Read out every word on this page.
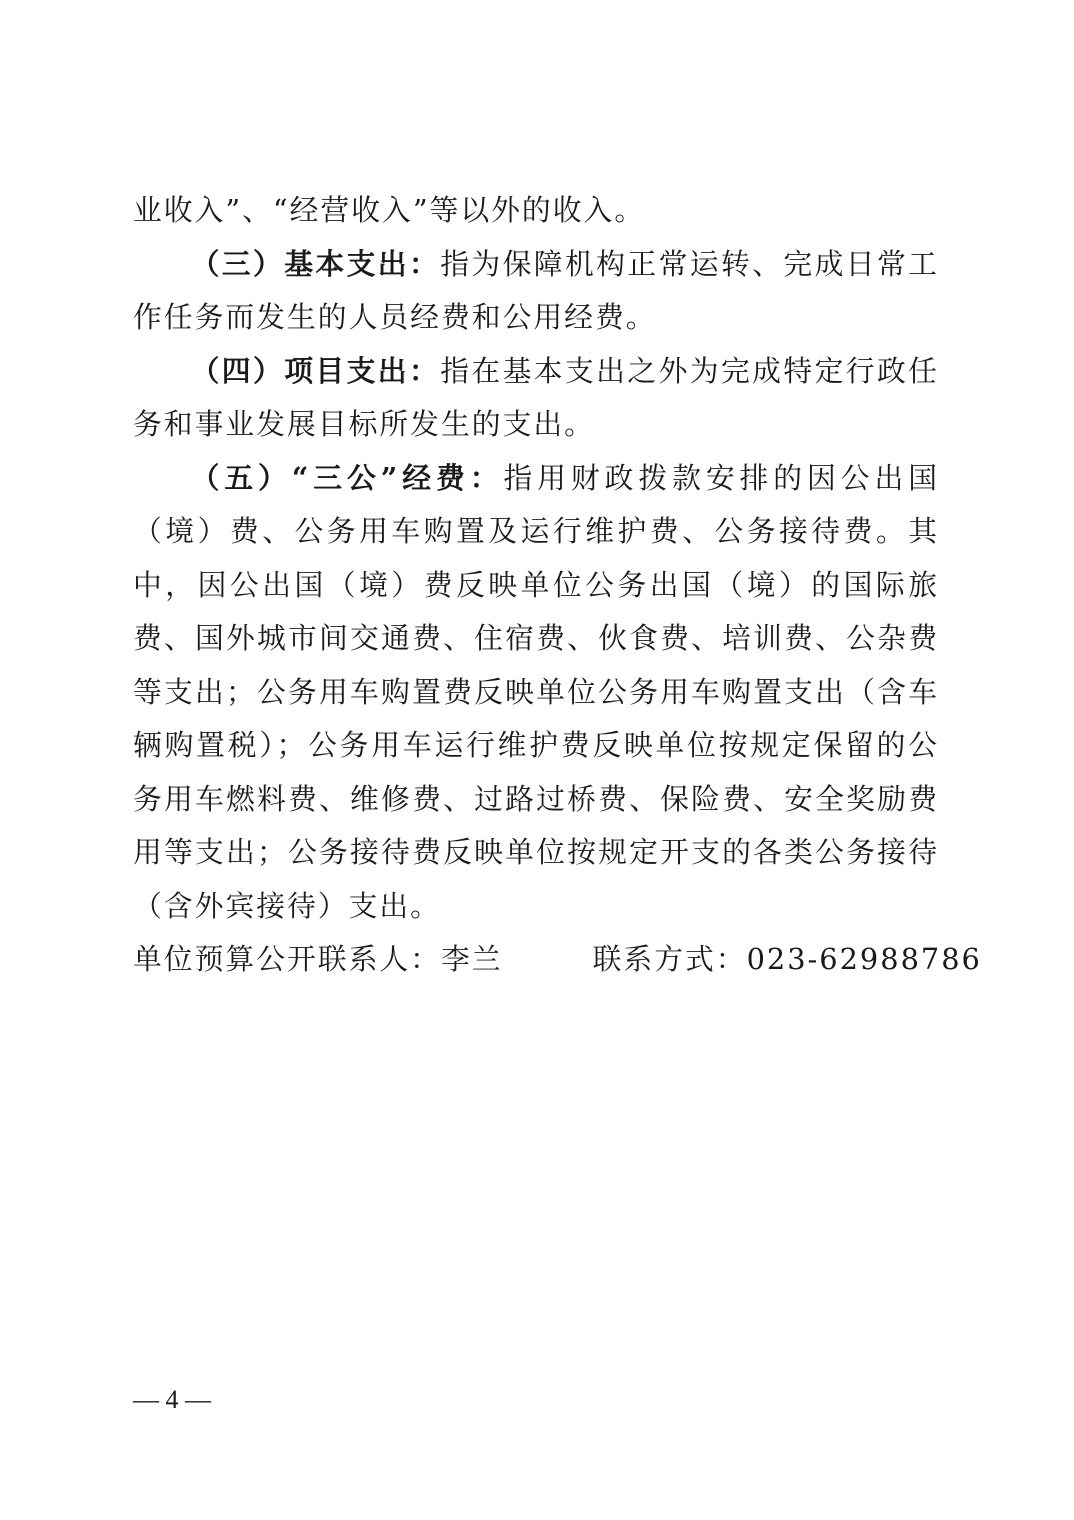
业收入”、“经营收入”等以外的收入。

（三）基本支出：指为保障机构正常运转、完成日常工作任务而发生的人员经费和公用经费。

（四）项目支出：指在基本支出之外为完成特定行政任务和事业发展目标所发生的支出。

（五）“三公”经费：指用财政拨款安排的因公出国（境）费、公务用车购置及运行维护费、公务接待费。其中，因公出国（境）费反映单位公务出国（境）的国际旅费、国外城市间交通费、住宿费、伙食费、培训费、公杂费等支出；公务用车购置费反映单位公务用车购置支出（含车辆购置税）；公务用车运行维护费反映单位按规定保留的公务用车燃料费、维修费、过路过桥费、保险费、安全奖励费用等支出；公务接待费反映单位按规定开支的各类公务接待（含外宾接待）支出。

单位预算公开联系人：李兰	联系方式：023-62988786

— 4 —
